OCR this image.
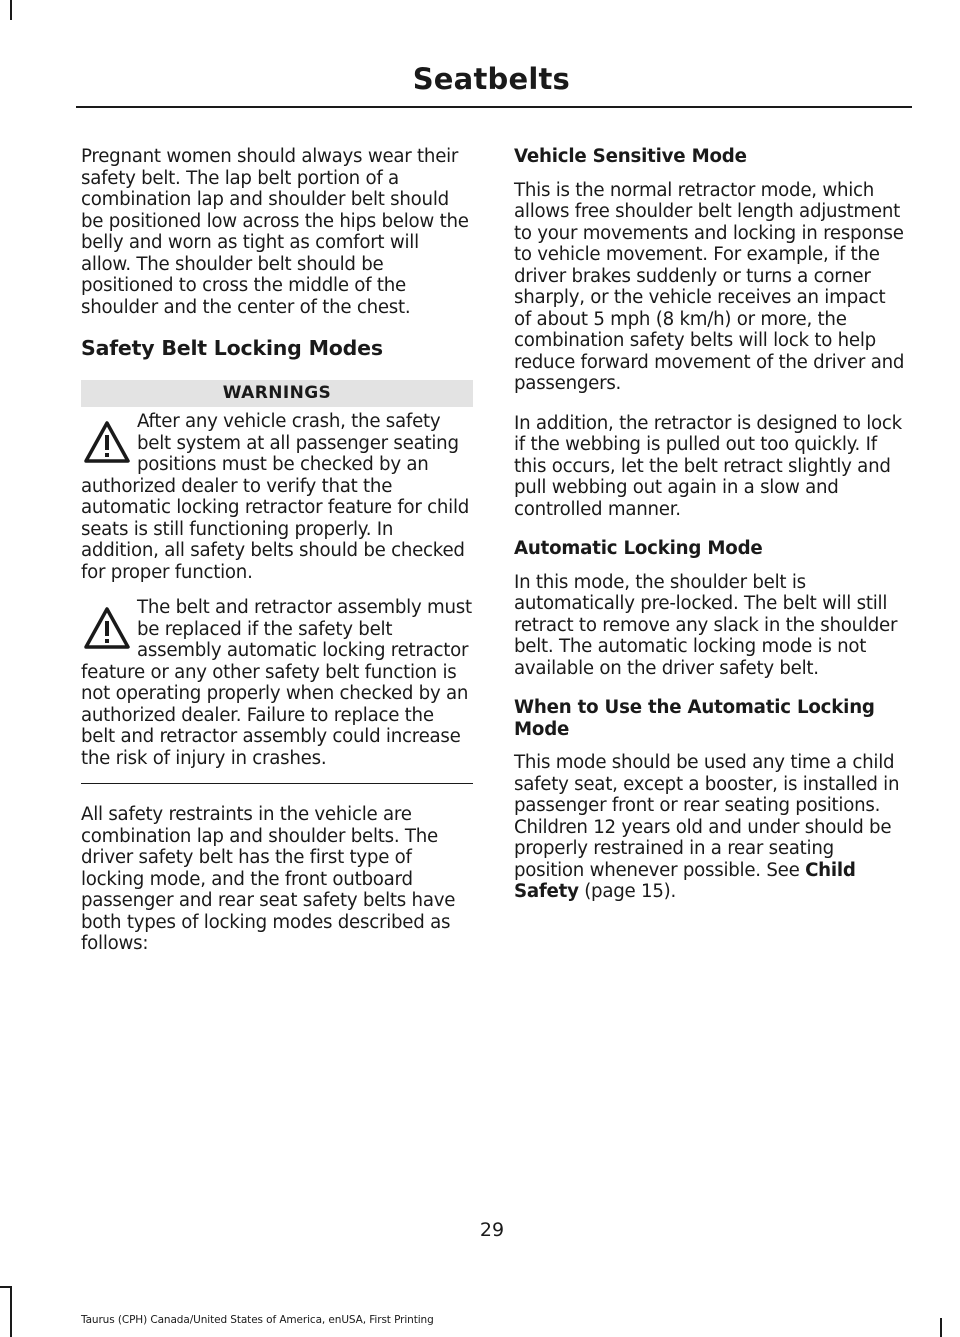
Seatbelts

Pregnant women should always wear their safety belt. The lap belt portion of a combination lap and shoulder belt should be positioned low across the hips below the belly and worn as tight as comfort will allow. The shoulder belt should be positioned to cross the middle of the shoulder and the center of the chest.

Safety Belt Locking Modes
WARNINGS

After any vehicle crash, the safety belt system at all passenger seating positions must be checked by an authorized dealer to verify that the automatic locking retractor feature for child seats is still functioning properly. In addition, all safety belts should be checked for proper function.

The belt and retractor assembly must be replaced if the safety belt assembly automatic locking retractor feature or any other safety belt function is not operating properly when checked by an authorized dealer. Failure to replace the belt and retractor assembly could increase the risk of injury in crashes.

All safety restraints in the vehicle are combination lap and shoulder belts. The driver safety belt has the first type of locking mode, and the front outboard passenger and rear seat safety belts have both types of locking modes described as follows:

Vehicle Sensitive Mode

This is the normal retractor mode, which allows free shoulder belt length adjustment to your movements and locking in response to vehicle movement. For example, if the driver brakes suddenly or turns a corner sharply, or the vehicle receives an impact of about 5 mph (8 km/h) or more, the combination safety belts will lock to help reduce forward movement of the driver and passengers.

In addition, the retractor is designed to lock if the webbing is pulled out too quickly. If this occurs, let the belt retract slightly and pull webbing out again in a slow and controlled manner.

Automatic Locking Mode

In this mode, the shoulder belt is automatically pre-locked. The belt will still retract to remove any slack in the shoulder belt. The automatic locking mode is not available on the driver safety belt.

When to Use the Automatic Locking Mode

This mode should be used any time a child safety seat, except a booster, is installed in passenger front or rear seating positions. Children 12 years old and under should be properly restrained in a rear seating position whenever possible. See Child Safety (page 15).

29
Taurus (CPH) Canada/United States of America, enUSA, First Printing
